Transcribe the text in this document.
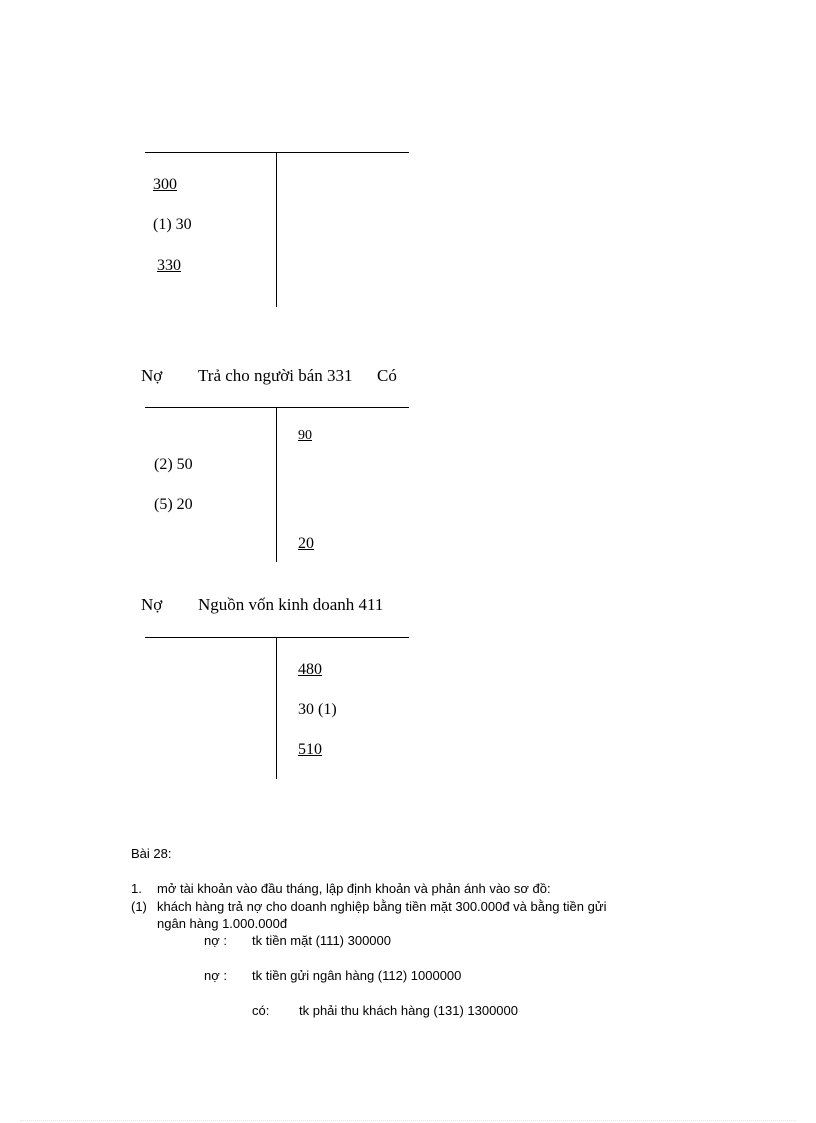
300
(1) 30
330
Nợ Trả cho người bán 331 Có
90
(2) 50
(5) 20
20
Nợ Nguồn vốn kinh doanh 411
480
30 (1)
510
Bài 28:
1. mở tài khoản vào đầu tháng, lập định khoản và phản ánh vào sơ đồ:
(1) khách hàng trả nợ cho doanh nghiệp bằng tiền mặt 300.000đ và bằng tiền gửi
ngân hàng 1.000.000đ
nợ : tk tiền mặt (111) 300000
nợ : tk tiền gửi ngân hàng (112) 1000000
có: tk phải thu khách hàng (131) 1300000
